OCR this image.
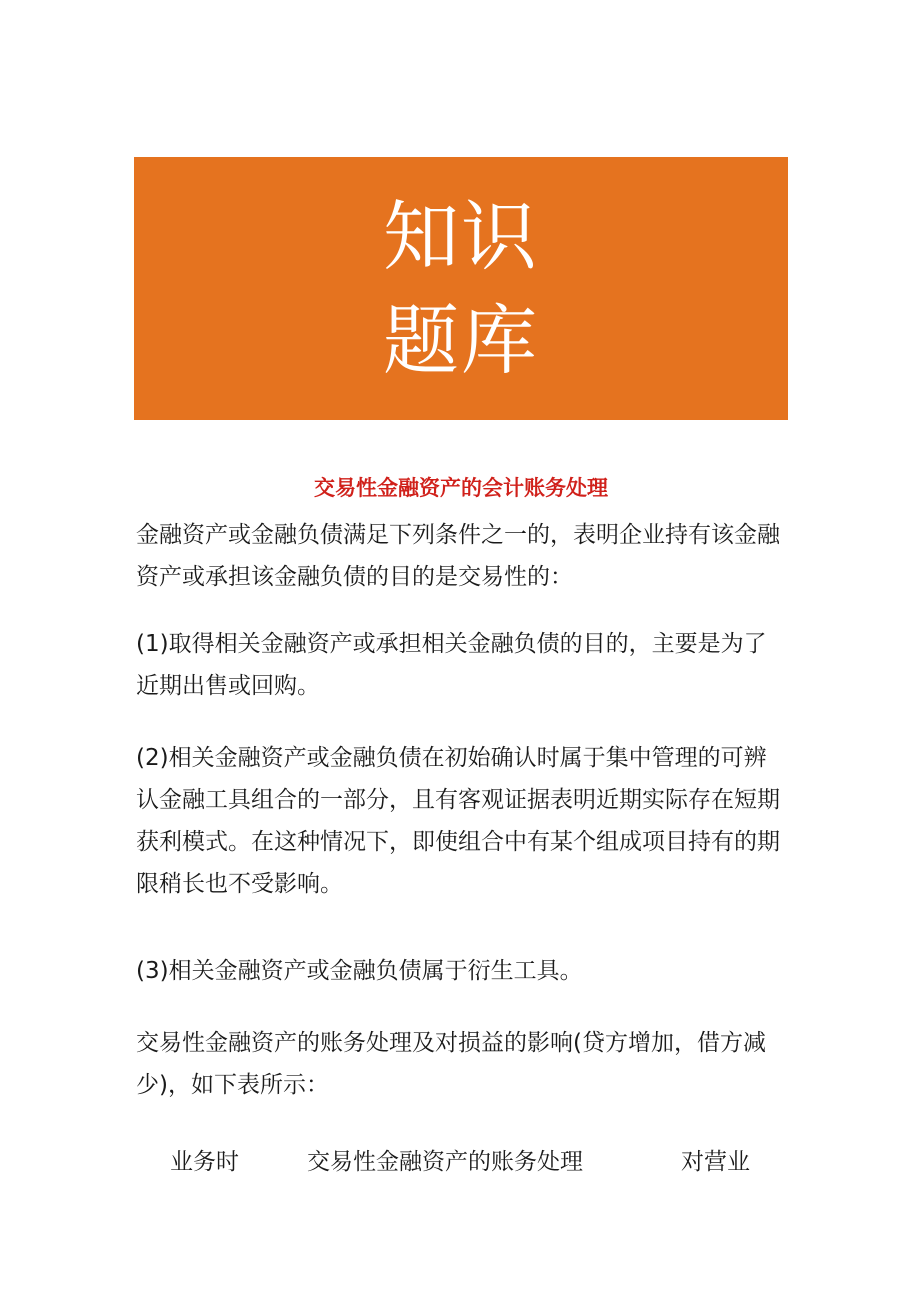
知识
题库
交易性金融资产的会计账务处理
金融资产或金融负债满足下列条件之一的，表明企业持有该金融资产或承担该金融负债的目的是交易性的：
(1)取得相关金融资产或承担相关金融负债的目的，主要是为了近期出售或回购。
(2)相关金融资产或金融负债在初始确认时属于集中管理的可辨认金融工具组合的一部分，且有客观证据表明近期实际存在短期获利模式。在这种情况下，即使组合中有某个组成项目持有的期限稍长也不受影响。
(3)相关金融资产或金融负债属于衍生工具。
交易性金融资产的账务处理及对损益的影响(贷方增加，借方减少)，如下表所示：
业务时	交易性金融资产的账务处理	对营业
